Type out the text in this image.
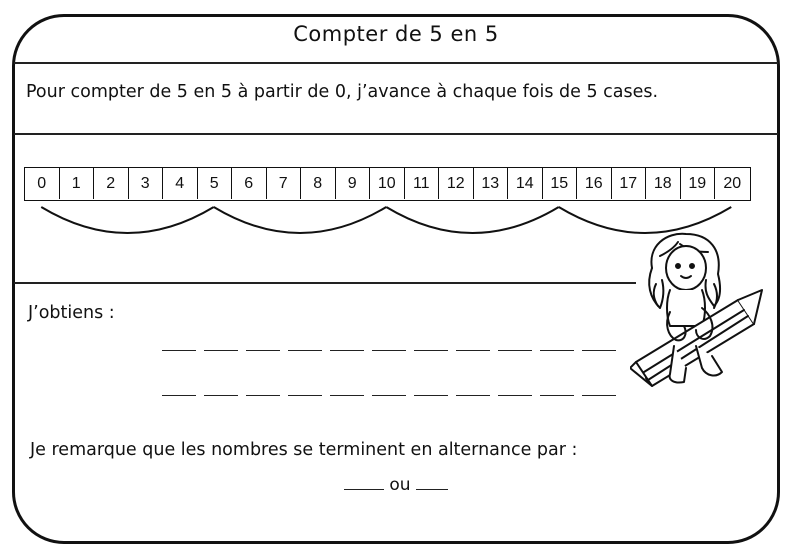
Compter de 5 en 5
Pour compter de 5 en 5 à partir de 0, j’avance à chaque fois de 5 cases.
0	1	2	3	4	5	6	7	8	9	10	11	12	13	14	15	16	17	18	19	20
J’obtiens :
Je remarque que les nombres se terminent en alternance par :
ou
